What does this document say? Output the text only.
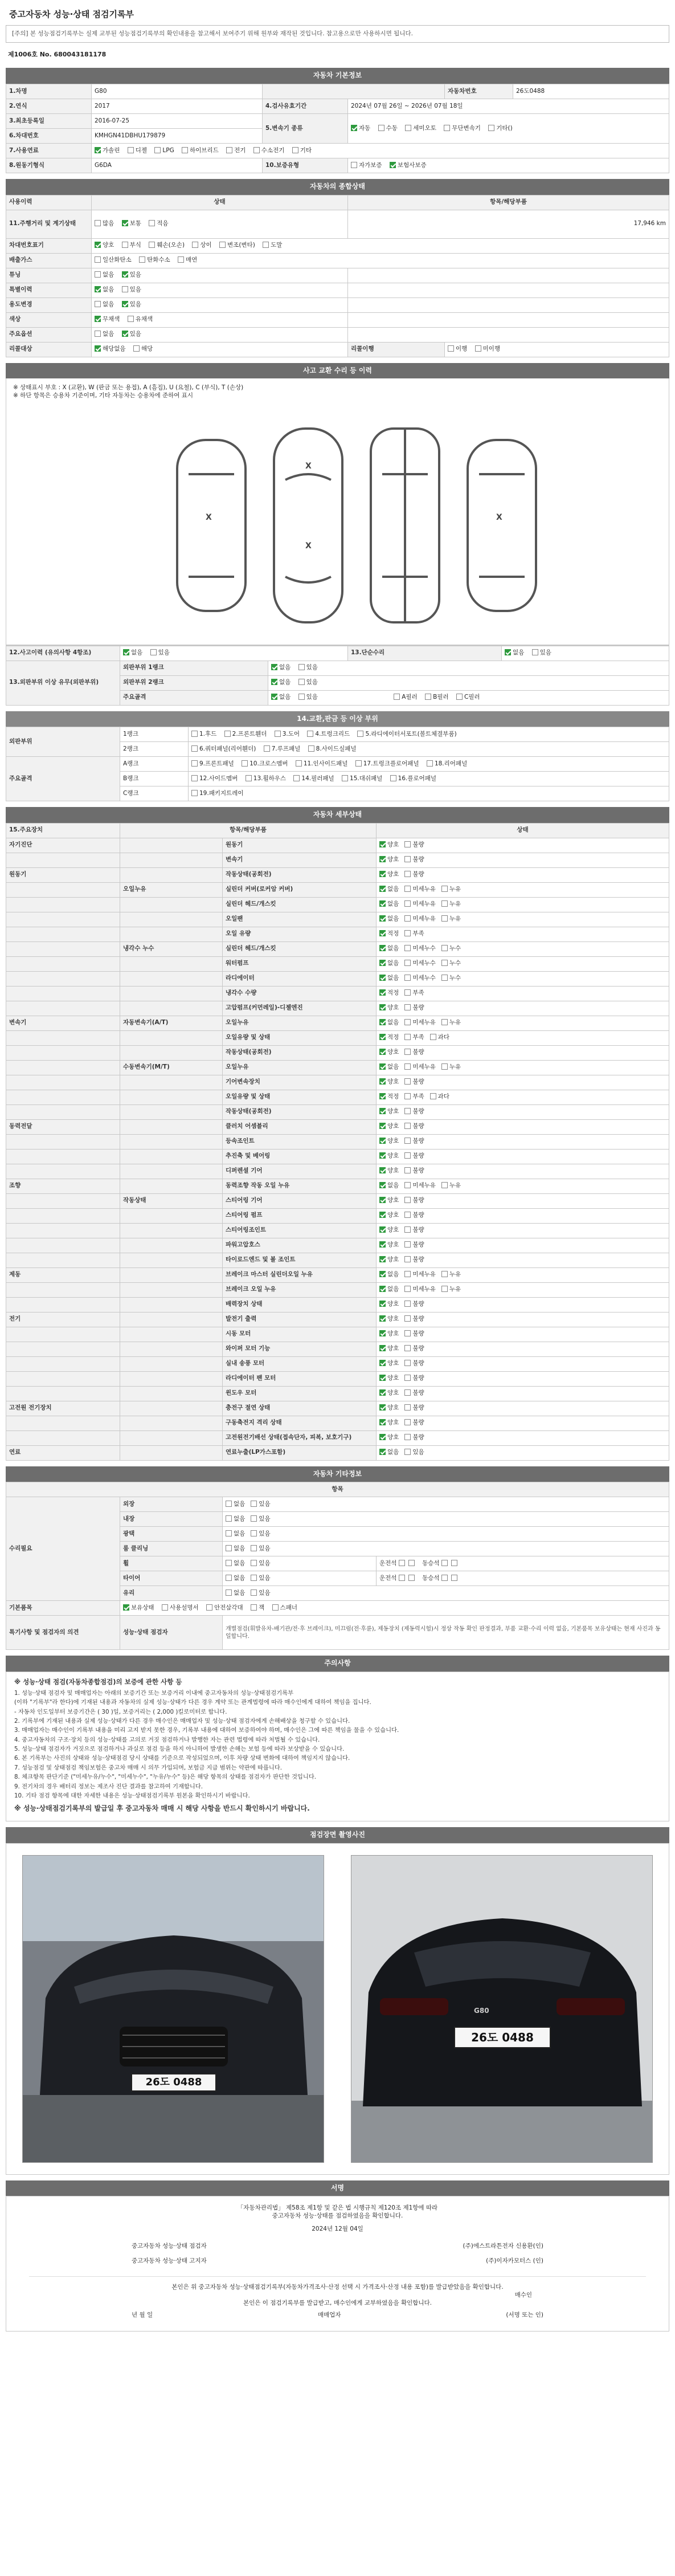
중고자동차 성능·상태 점검기록부
[주의] 본 성능점검기록부는 실제 교부된 성능점검기록부의 확인내용을 참고해서 보여주기 위해 원부와 재작된 것입니다. 참고용으로만 사용하시면 됩니다.
제1006호 No. 680043181178
자동차 기본정보
1.차명	G80			자동차번호	26도0488
2.연식	2017	4.검사유효기간	2024년 07월 26일 ~ 2026년 07월 18일		
3.최초등록일	2016-07-25	5.변속기 종류	자동 수동 세미오토 무단변속기 기타()		
6.차대번호	KMHGN41DBHU179879				
7.사용연료	가솔린 디젤 LPG 하이브리드 전기 수소전기 기타				
8.원동기형식	G6DA	10.보증유형	자가보증 보험사보증		
자동차의 종합상태
사용이력	상태	항목/해당부품	
11.주행거리 및 계기상태	많음 보통 적음	17,946 km	
차대번호표기	양호 부식 훼손(오손) 상이 변조(변타) 도말		
배출가스	일산화탄소 탄화수소 매연		
튜닝	없음 있음		
특별이력	없음 있음		
용도변경	없음 있음		
색상	무채색 유채색		
주요옵션	없음 있음		
리콜대상	해당없음 해당	리콜이행	이행 미이행
사고 교환 수리 등 이력
※ 상태표시 부호 : X (교환), W (판금 또는 용접), A (흠집), U (요철), C (부식), T (손상)
※ 하단 항목은 승용차 기준이며, 기타 자동차는 승용차에 준하여 표시
X
X
X
X
12.사고이력 (유의사항 4항조)	없음 있음		13.단순수리	없음 있음
13.외판부위 이상 유무(외판부위)	외판부위 1랭크	없음 있음		
	외판부위 2랭크	없음 있음		
	주요골격	없음 있음 A필러 B필러 C필러		
14.교환,판금 등 이상 부위
외판부위	1랭크	1.후드 2.프론트휀더 3.도어 4.트렁크리드 5.라디에이터서포트(볼트체결부품)
	2랭크	6.쿼터패널(리어휀더) 7.루프패널 8.사이드실패널
주요골격	A랭크	9.프론트패널 10.크로스멤버 11.인사이드패널 17.트렁크플로어패널 18.리어패널
	B랭크	12.사이드멤버 13.휠하우스 14.필러패널 15.대쉬패널 16.플로어패널
	C랭크	19.패키지트레이
자동차 세부상태
15.주요장치	항목/해당부품		상태
자기진단		원동기	양호 불량
		변속기	양호 불량
원동기		작동상태(공회전)	양호 불량
	오일누유	실린더 커버(로커암 커버)	없음 미세누유 누유
		실린더 헤드/개스킷	없음 미세누유 누유
		오일팬	없음 미세누유 누유
		오일 유량	적정 부족
	냉각수 누수	실린더 헤드/개스킷	없음 미세누수 누수
		워터펌프	없음 미세누수 누수
		라디에이터	없음 미세누수 누수
		냉각수 수량	적정 부족
		고압펌프(커먼레일)-디젤엔진	양호 불량
변속기	자동변속기(A/T)	오일누유	없음 미세누유 누유
		오일유량 및 상태	적정 부족 과다
		작동상태(공회전)	양호 불량
	수동변속기(M/T)	오일누유	없음 미세누유 누유
		기어변속장치	양호 불량
		오일유량 및 상태	적정 부족 과다
		작동상태(공회전)	양호 불량
동력전달		클러치 어셈블리	양호 불량
		등속조인트	양호 불량
		추진축 및 베어링	양호 불량
		디퍼렌셜 기어	양호 불량
조향		동력조향 작동 오일 누유	없음 미세누유 누유
	작동상태	스티어링 기어	양호 불량
		스티어링 펌프	양호 불량
		스티어링조인트	양호 불량
		파워고압호스	양호 불량
		타이로드엔드 및 볼 조인트	양호 불량
제동		브레이크 마스터 실린더오일 누유	없음 미세누유 누유
		브레이크 오일 누유	없음 미세누유 누유
		배력장치 상태	양호 불량
전기		발전기 출력	양호 불량
		시동 모터	양호 불량
		와이퍼 모터 기능	양호 불량
		실내 송풍 모터	양호 불량
		라디에이터 팬 모터	양호 불량
		윈도우 모터	양호 불량
고전원 전기장치		충전구 절연 상태	양호 불량
		구동축전지 격리 상태	양호 불량
		고전원전기배선 상태(접속단자, 피복, 보호기구)	양호 불량
연료		연료누출(LP가스포함)	없음 있음
자동차 기타정보
항목			
수리필요	외장	없음 있음	
	내장	없음 있음	
	광택	없음 있음	
	룸 클리닝	없음 있음	
	휠	없음 있음	운전석 동승석
	타이어	없음 있음	운전석 동승석
	유리	없음 있음	
기본품목	보유상태 사용설명서 안전삼각대 잭 스패너		
특기사항 및 점검자의 의견	성능·상태 점검자	개별점검(휘발유차-배기관/전·후 브레이크), 미끄럼(전·후륜), 제동장치 (제동력시험)시 정상 작동 확인 판정결과, 부품 교환·수리 이력 없음, 기본품목 보유상태는 현재 사진과 동일합니다.	
주의사항

※ 성능·상태 점검(자동차종합점검)의 보증에 관한 사항 등

1. 성능·상태 점검자 및 매매업자는 아래의 보증기간 또는 보증거리 이내에 중고자동차의 성능·상태점검기록부

(이하 "기록부"라 한다)에 기재된 내용과 자동차의 실제 성능·상태가 다른 경우 계약 또는 관계법령에 따라 매수인에게 대하여 책임을 집니다.

- 자동차 인도일부터 보증기간은 ( 30 )일, 보증거리는 ( 2,000 )킬로미터로 합니다.

2. 기록부에 기재된 내용과 실제 성능·상태가 다른 경우 매수인은 매매업자 및 성능·상태 점검자에게 손해배상을 청구할 수 있습니다.

3. 매매업자는 매수인이 기록부 내용을 미리 고지 받지 못한 경우, 기록부 내용에 대하여 보증하여야 하며, 매수인은 그에 따른 책임을 물을 수 있습니다.

4. 중고자동차의 구조·장치 등의 성능·상태를 고의로 거짓 점검하거나 발행한 자는 관련 법령에 따라 처벌될 수 있습니다.

5. 성능·상태 점검자가 거짓으로 점검하거나 과실로 점검 등을 하지 아니하여 발생한 손해는 보험 등에 따라 보상받을 수 있습니다.

6. 본 기록부는 사진의 상태와 성능·상태점검 당시 상태를 기준으로 작성되었으며, 이후 차량 상태 변화에 대하여 책임지지 않습니다.

7. 성능점검 및 상태점검 책임보험은 중고차 매매 시 의무 가입되며, 보험금 지급 범위는 약관에 따릅니다.

8. 체크항목 판단기준 ("미세누유/누수", "미세누수", "누유/누수" 등)은 해당 항목의 상태를 점검자가 판단한 것입니다.

9. 전기차의 경우 배터리 정보는 제조사 진단 결과를 참고하여 기재합니다.

10. 기타 점검 항목에 대한 자세한 내용은 성능·상태점검기록부 원본을 확인하시기 바랍니다.

※ 성능·상태점검기록부의 발급일 후 중고자동차 매매 시 해당 사항을 반드시 확인하시기 바랍니다.

점검장면 촬영사진
26도 0488
26도 0488
G80
서명
「자동차관리법」 제58조 제1항 및 같은 법 시행규칙 제120조 제1항에 따라
중고자동차 성능·상태를 점검하였음을 확인합니다.
2024년 12월 04일
중고자동차 성능·상태 점검자	(주)에스트라튼전자 신용환(인)
중고자동차 성능·상태 고지자	(주)이자카모터스 (인)
본인은 위 중고자동차 성능·상태점검기록부(자동차가격조사·산정 선택 시 가격조사·산정 내용 포함)를 발급받았음을 확인합니다.
매수인
본인은 이 점검기록부를 발급받고, 매수인에게 교부하였음을 확인합니다.
년 월 일	매매업자	(서명 또는 인)
